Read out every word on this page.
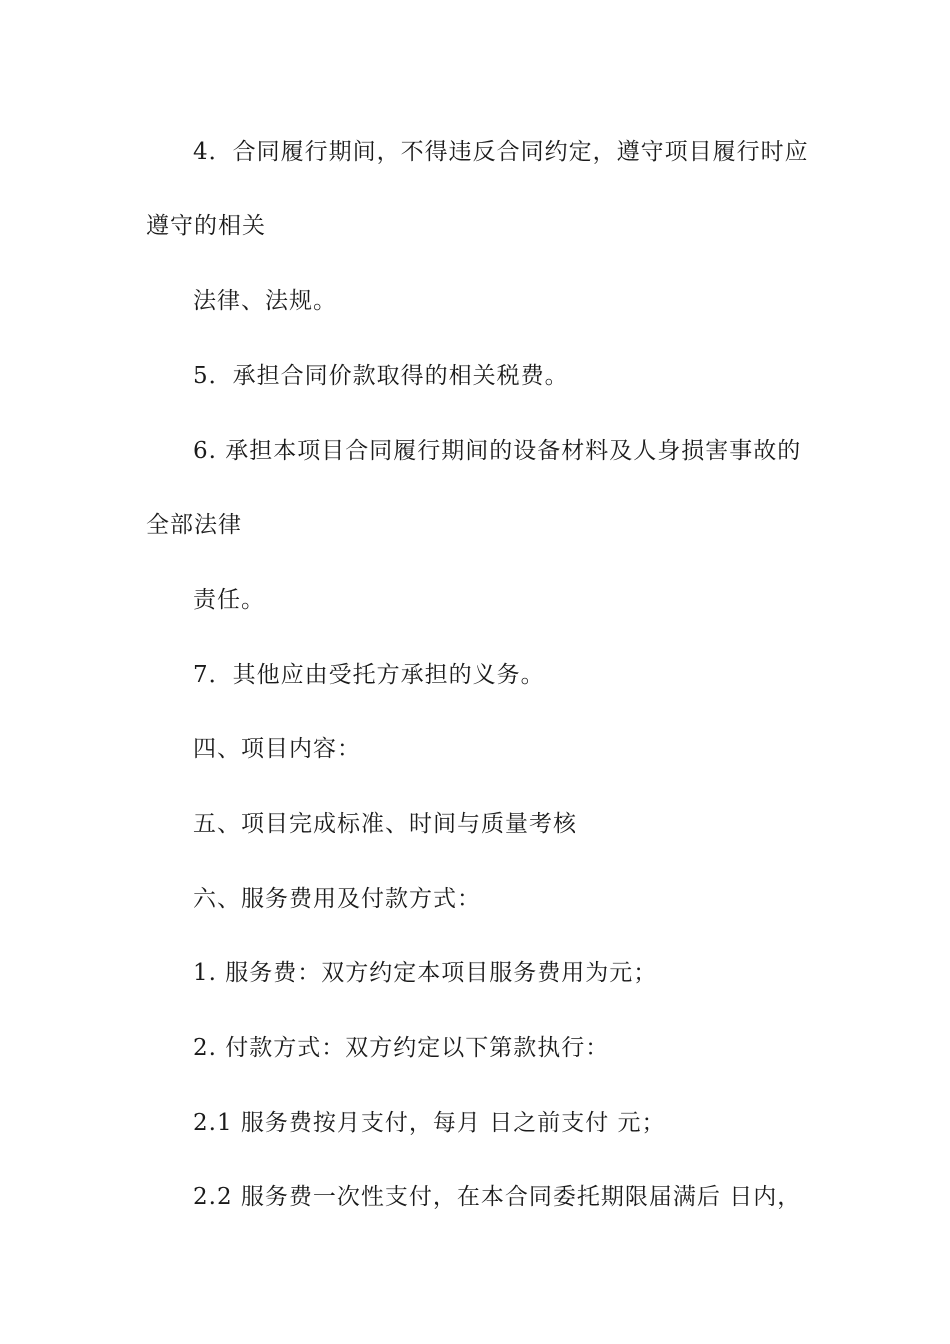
4．合同履行期间，不得违反合同约定，遵守项目履行时应
遵守的相关
法律、法规。
5．承担合同价款取得的相关税费。
6. 承担本项目合同履行期间的设备材料及人身损害事故的
全部法律
责任。
7．其他应由受托方承担的义务。
四、项目内容：
五、项目完成标准、时间与质量考核
六、服务费用及付款方式：
1. 服务费：双方约定本项目服务费用为元；
2. 付款方式：双方约定以下第款执行：
2.1 服务费按月支付，每月 日之前支付 元；
2.2 服务费一次性支付，在本合同委托期限届满后 日内，
